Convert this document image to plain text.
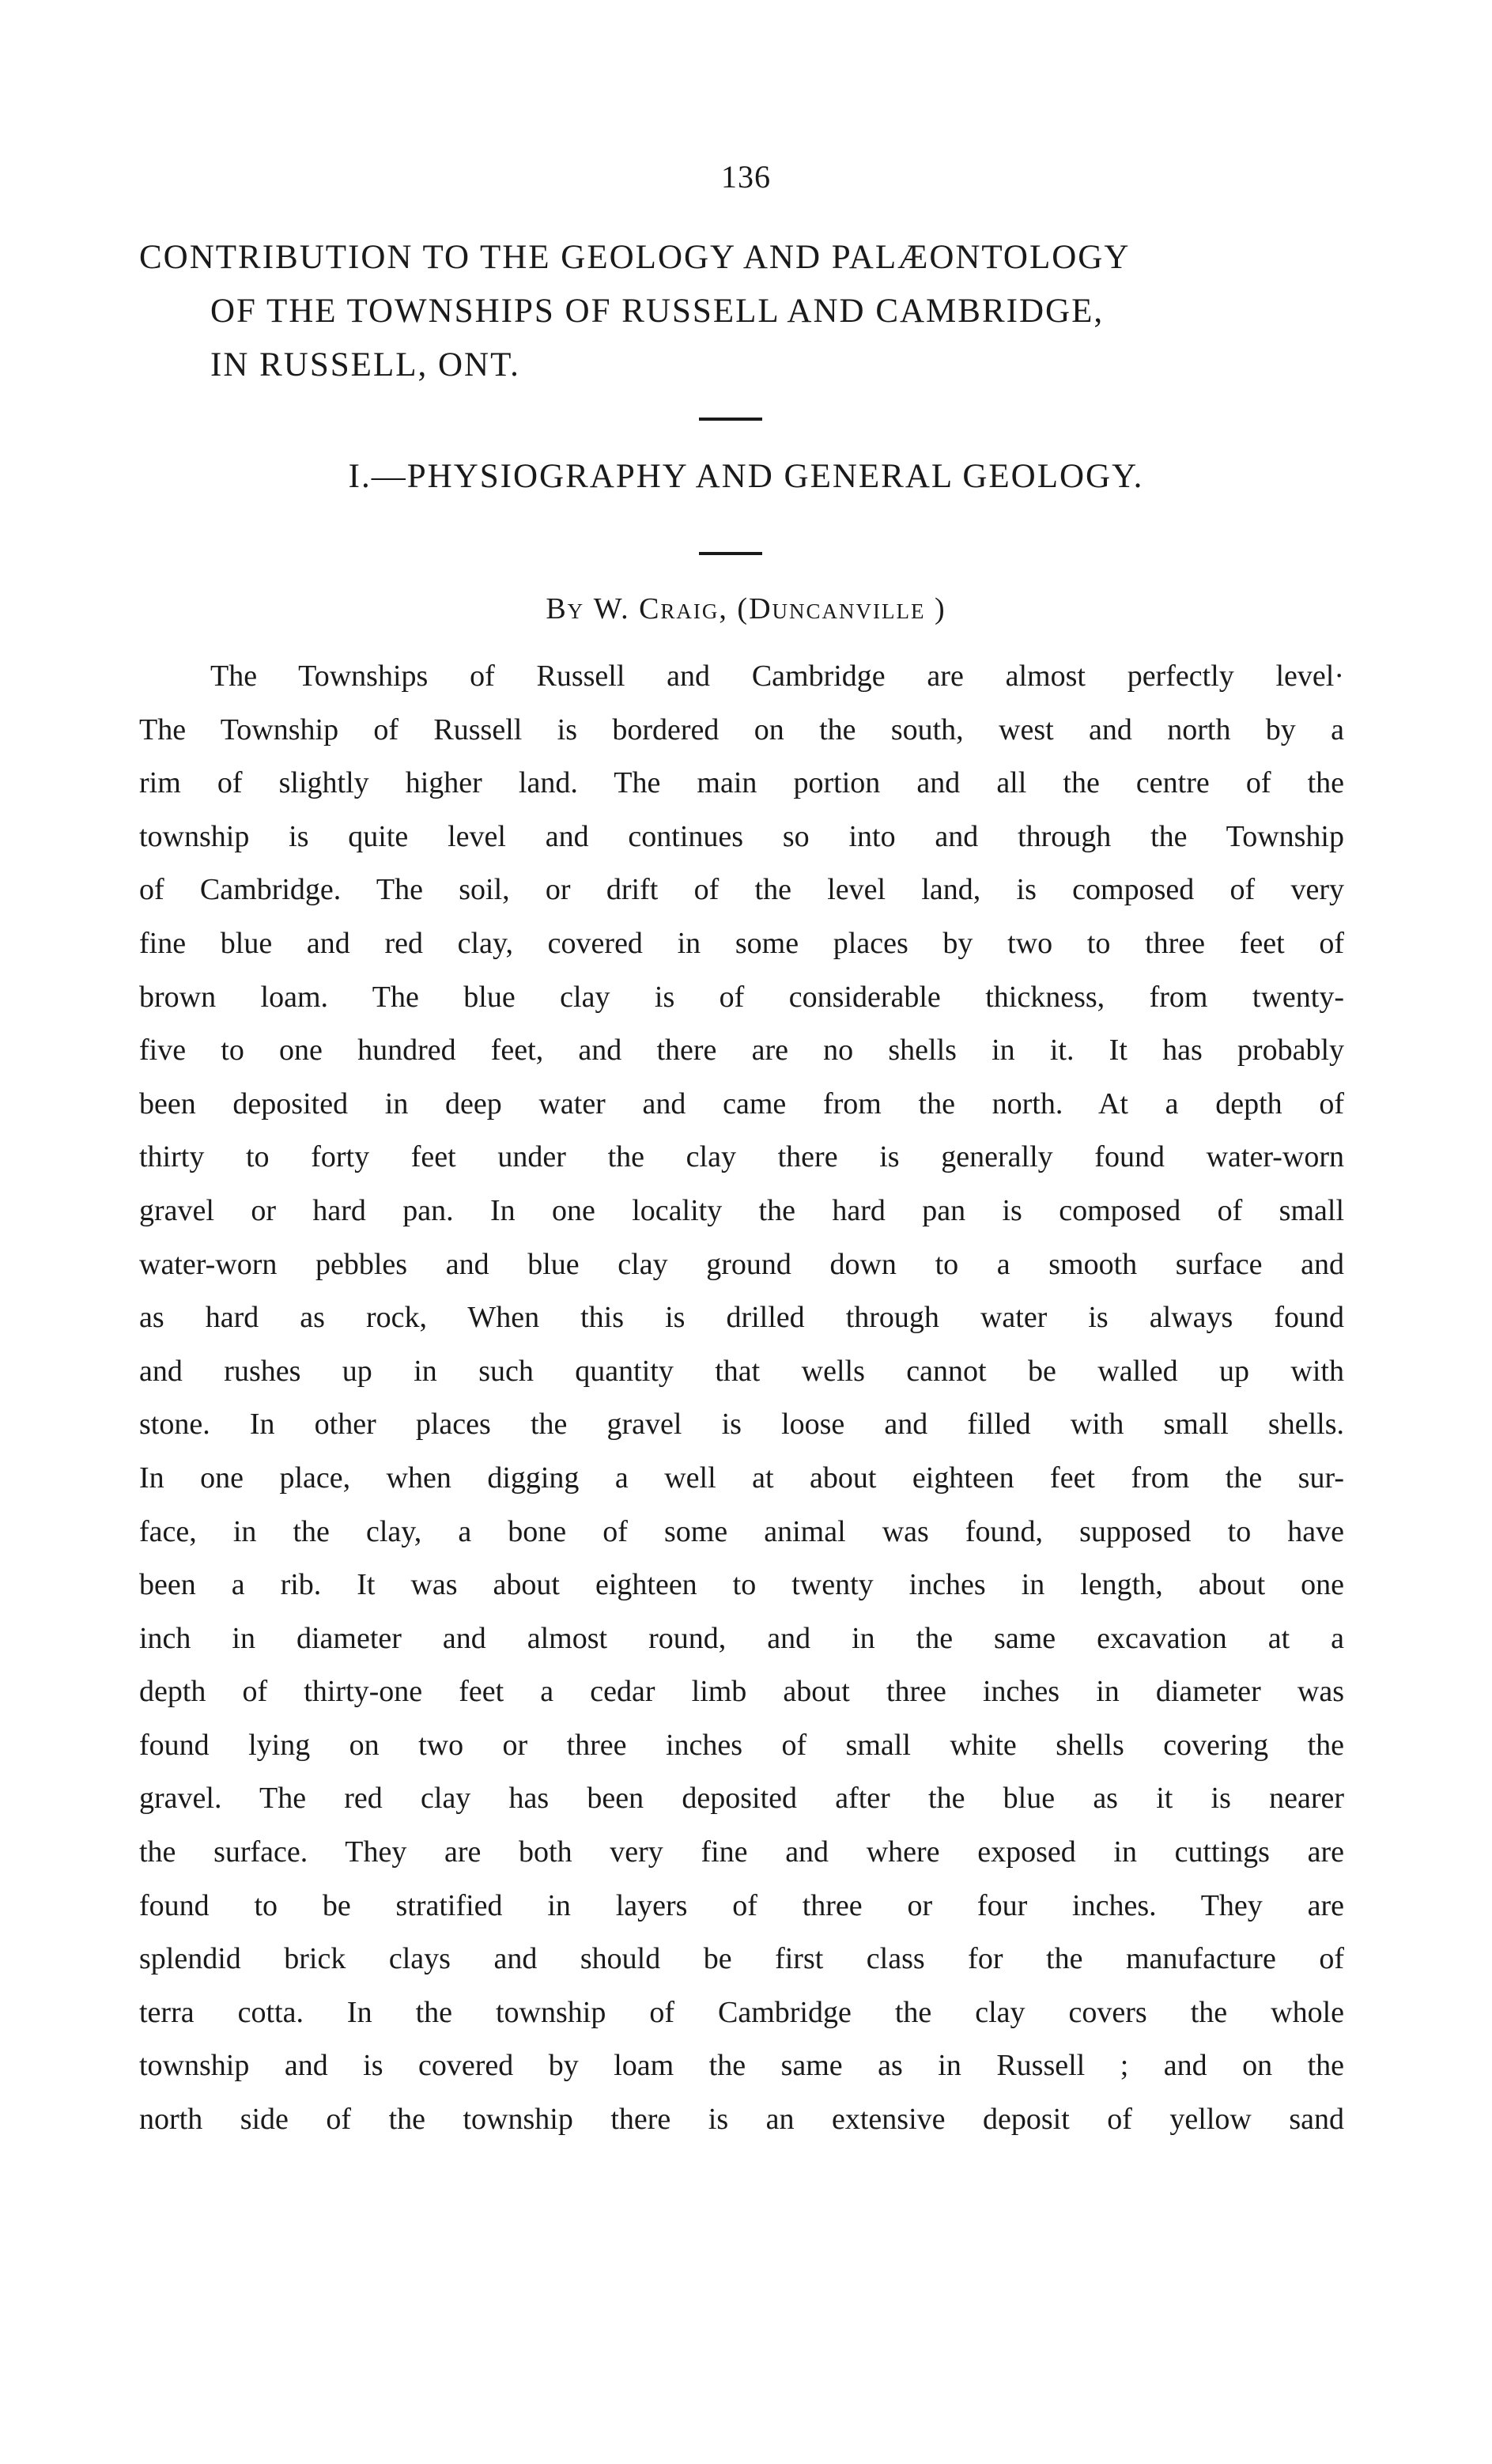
136
CONTRIBUTION TO THE GEOLOGY AND PALÆONTOLOGY
OF THE TOWNSHIPS OF RUSSELL AND CAMBRIDGE,
IN RUSSELL, ONT.
I.—PHYSIOGRAPHY AND GENERAL GEOLOGY.
By W. Craig, (Duncanville )
The Townships of Russell and Cambridge are almost perfectly level·
The Township of Russell is bordered on the south, west and north by a
rim of slightly higher land. The main portion and all the centre of the
township is quite level and continues so into and through the Township
of Cambridge. The soil, or drift of the level land, is composed of very
fine blue and red clay, covered in some places by two to three feet of
brown loam. The blue clay is of considerable thickness, from twenty-
five to one hundred feet, and there are no shells in it. It has probably
been deposited in deep water and came from the north. At a depth of
thirty to forty feet under the clay there is generally found water-worn
gravel or hard pan. In one locality the hard pan is composed of small
water-worn pebbles and blue clay ground down to a smooth surface and
as hard as rock, When this is drilled through water is always found
and rushes up in such quantity that wells cannot be walled up with
stone. In other places the gravel is loose and filled with small shells.
In one place, when digging a well at about eighteen feet from the sur-
face, in the clay, a bone of some animal was found, supposed to have
been a rib. It was about eighteen to twenty inches in length, about one
inch in diameter and almost round, and in the same excavation at a
depth of thirty-one feet a cedar limb about three inches in diameter was
found lying on two or three inches of small white shells covering the
gravel. The red clay has been deposited after the blue as it is nearer
the surface. They are both very fine and where exposed in cuttings are
found to be stratified in layers of three or four inches. They are
splendid brick clays and should be first class for the manufacture of
terra cotta. In the township of Cambridge the clay covers the whole
township and is covered by loam the same as in Russell ; and on the
north side of the township there is an extensive deposit of yellow sand
